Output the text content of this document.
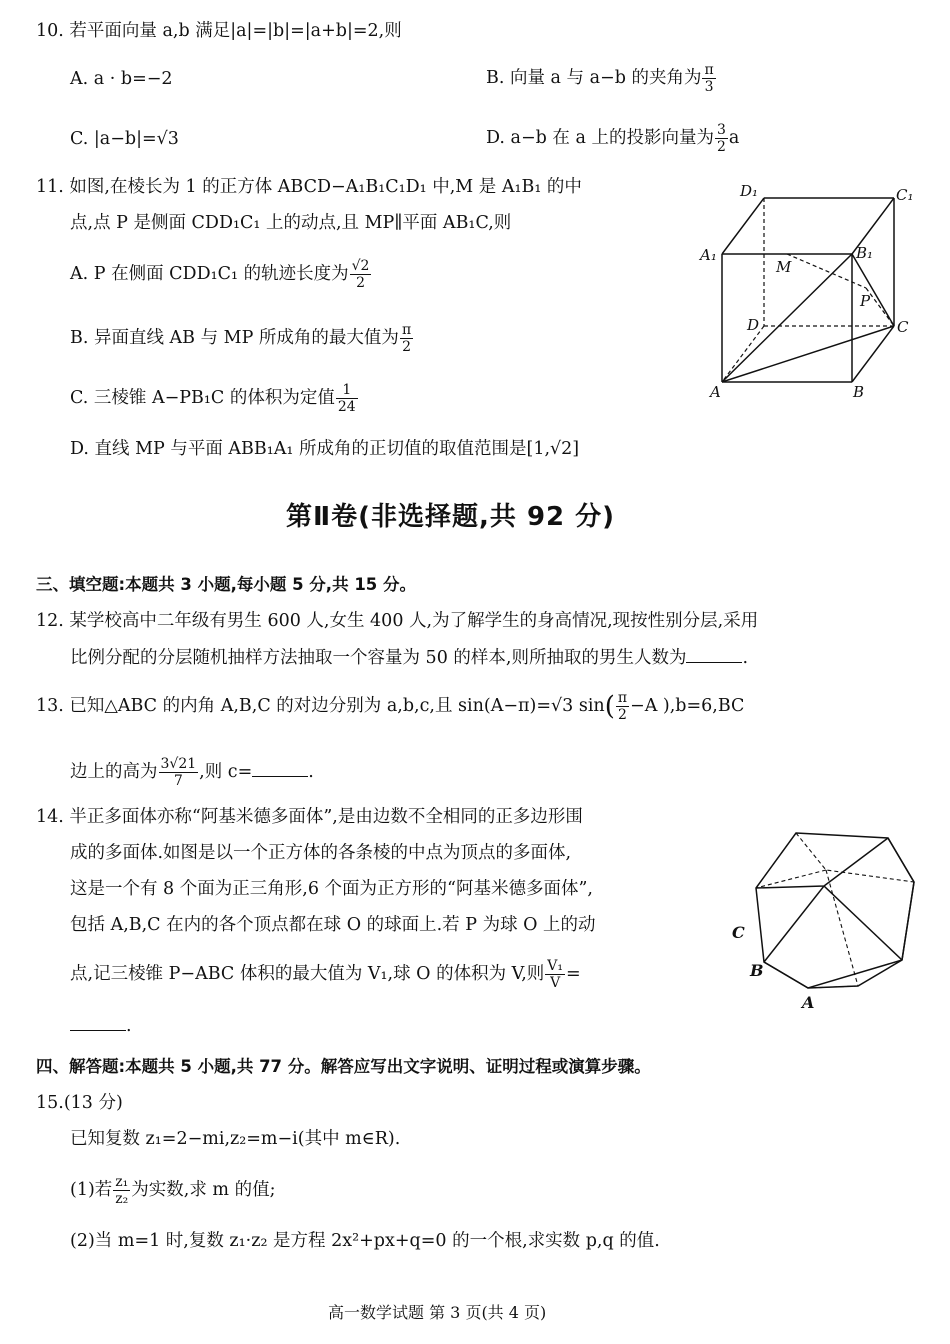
10. 若平面向量 a,b 满足|a|=|b|=|a+b|=2,则
A. a · b=−2	B. 向量 a 与 a−b 的夹角为 $\frac{\pi}{3}$
C. |a−b|=√3	D. a−b 在 a 上的投影向量为 $\frac{3}{2}$ a
11. 如图,在棱长为 1 的正方体 ABCD−A₁B₁C₁D₁ 中,M 是 A₁B₁ 的中
点,点 P 是侧面 CDD₁C₁ 上的动点,且 MP∥平面 AB₁C,则
A. P 在侧面 CDD₁C₁ 的轨迹长度为 $\frac{√2}{2}$
B. 异面直线 AB 与 MP 所成角的最大值为 $\frac{\pi}{2}$
C. 三棱锥 A−PB₁C 的体积为定值 $\frac{1}{24}$
D. 直线 MP 与平面 ABB₁A₁ 所成角的正切值的取值范围是[1,√2]
D₁	C₁
A₁	B₁
M
P
D	C
A	B
第Ⅱ卷(非选择题,共 92 分)
三、填空题:本题共 3 小题,每小题 5 分,共 15 分。
12. 某学校高中二年级有男生 600 人,女生 400 人,为了解学生的身高情况,现按性别分层,采用
比例分配的分层随机抽样方法抽取一个容量为 50 的样本,则所抽取的男生人数为	.
13. 已知△ABC 的内角 A,B,C 的对边分别为 a,b,c,且 sin(A−π)=√3 $\sin( \frac{\pi}{2} -A$ ),b=6,BC
边上的高为 $\frac{3√21}{7}$ ,则 c=	.
14. 半正多面体亦称“阿基米德多面体”,是由边数不全相同的正多边形围
成的多面体.如图是以一个正方体的各条棱的中点为顶点的多面体,
这是一个有 8 个面为正三角形,6 个面为正方形的“阿基米德多面体”,
包括 A,B,C 在内的各个顶点都在球 O 的球面上.若 P 为球 O 上的动
点,记三棱锥 P−ABC 体积的最大值为 V₁,球 O 的体积为 V,则 $\frac{\text{V₁}}{V}$ =
.
C
B
A
四、解答题:本题共 5 小题,共 77 分。解答应写出文字说明、证明过程或演算步骤。
15.(13 分)
已知复数 z₁=2−mi,z₂=m−i(其中 m∈R).
(1)若 $\frac{\text{z₁}}{\text{z₂}}$ 为实数,求 m 的值;
(2)当 m=1 时,复数 z₁·z₂ 是方程 2x²+px+q=0 的一个根,求实数 p,q 的值.
高一数学试题 第 3 页(共 4 页)
